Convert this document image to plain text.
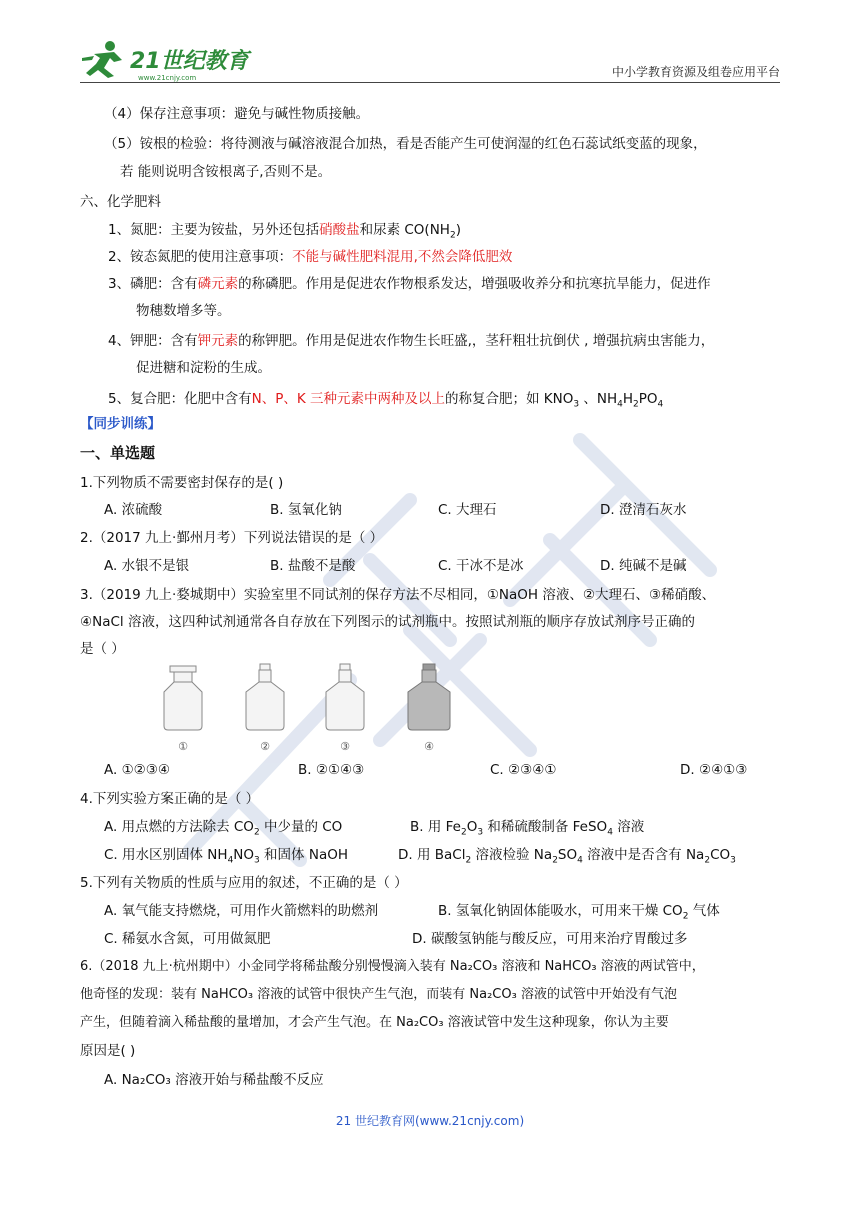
21世纪教育
www.21cnjy.com	中小学教育资源及组卷应用平台
（4）保存注意事项：避免与碱性物质接触。
（5）铵根的检验：将待测液与碱溶液混合加热，看是否能产生可使润湿的红色石蕊试纸变蓝的现象，
若 能则说明含铵根离子,否则不是。
六、化学肥料
1、氮肥：主要为铵盐，另外还包括硝酸盐和尿素 $CO(NH_2)$
2、铵态氮肥的使用注意事项：不能与碱性肥料混用,不然会降低肥效
3、磷肥：含有磷元素的称磷肥。作用是促进农作物根系发达，增强吸收养分和抗寒抗旱能力，促进作
物穗数增多等。
4、钾肥：含有钾元素的称钾肥。作用是促进农作物生长旺盛,，茎秆粗壮抗倒伏 , 增强抗病虫害能力，
促进糖和淀粉的生成。
5、复合肥：化肥中含有N、P、K 三种元素中两种及以上的称复合肥；如 $KNO_3$ 、$NH_4H_2PO_4$
【同步训练】
一、单选题
1.下列物质不需要密封保存的是( )
A. 浓硫酸	B. 氢氧化钠	C. 大理石	D. 澄清石灰水
2.（2017 九上·鄞州月考）下列说法错误的是（ ）
A. 水银不是银	B. 盐酸不是酸	C. 干冰不是冰	D. 纯碱不是碱
3.（2019 九上·婺城期中）实验室里不同试剂的保存方法不尽相同，①NaOH 溶液、②大理石、③稀硝酸、
④NaCl 溶液，这四种试剂通常各自存放在下列图示的试剂瓶中。按照试剂瓶的顺序存放试剂序号正确的
是（ ）
①	②	③	④
A. ①②③④	B. ②①④③	C. ②③④①	D. ②④①③
4.下列实验方案正确的是（ ）
A. 用点燃的方法除去 $CO_2$ 中少量的 CO	B. 用 $Fe_2O_3$ 和稀硫酸制备 FeSO$_4$ 溶液
C. 用水区别固体 $NH_4NO_3$ 和固体 NaOH	D. 用 BaCl$_2$ 溶液检验 $Na_2SO_4$ 溶液中是否含有 $Na_2CO_3$
5.下列有关物质的性质与应用的叙述，不正确的是（ ）
A. 氧气能支持燃烧，可用作火箭燃料的助燃剂	B. 氢氧化钠固体能吸水，可用来干燥 $CO_2$ 气体
C. 稀氨水含氮，可用做氮肥	D. 碳酸氢钠能与酸反应，可用来治疗胃酸过多
6.（2018 九上·杭州期中）小金同学将稀盐酸分别慢慢滴入装有 Na₂CO₃ 溶液和 NaHCO₃ 溶液的两试管中，
他奇怪的发现：装有 NaHCO₃ 溶液的试管中很快产生气泡，而装有 Na₂CO₃ 溶液的试管中开始没有气泡
产生，但随着滴入稀盐酸的量增加，才会产生气泡。在 Na₂CO₃ 溶液试管中发生这种现象，你认为主要
原因是( )
A. Na₂CO₃ 溶液开始与稀盐酸不反应
21 世纪教育网(www.21cnjy.com)
